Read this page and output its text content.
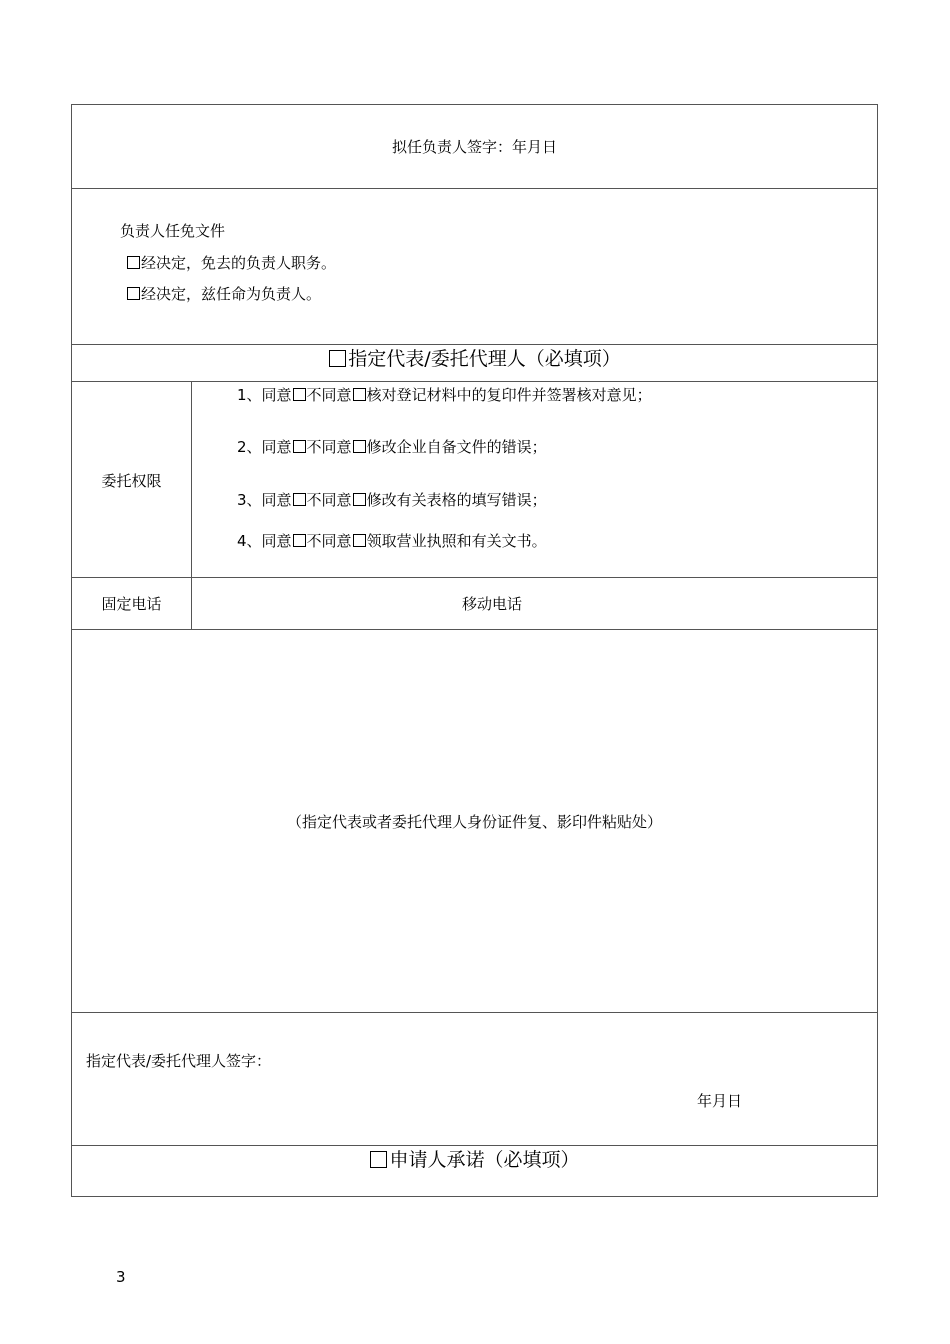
拟任负责人签字：年月日
负责人任免文件
经决定，免去的负责人职务。
经决定，兹任命为负责人。
指定代表/委托代理人（必填项）
委托权限
1、同意 不同意 核对登记材料中的复印件并签署核对意见；
2、同意 不同意 修改企业自备文件的错误；
3、同意 不同意 修改有关表格的填写错误；
4、同意 不同意 领取营业执照和有关文书。
固定电话	移动电话
（指定代表或者委托代理人身份证件复、影印件粘贴处）
指定代表/委托代理人签字：
年月日
申请人承诺（必填项）
3
